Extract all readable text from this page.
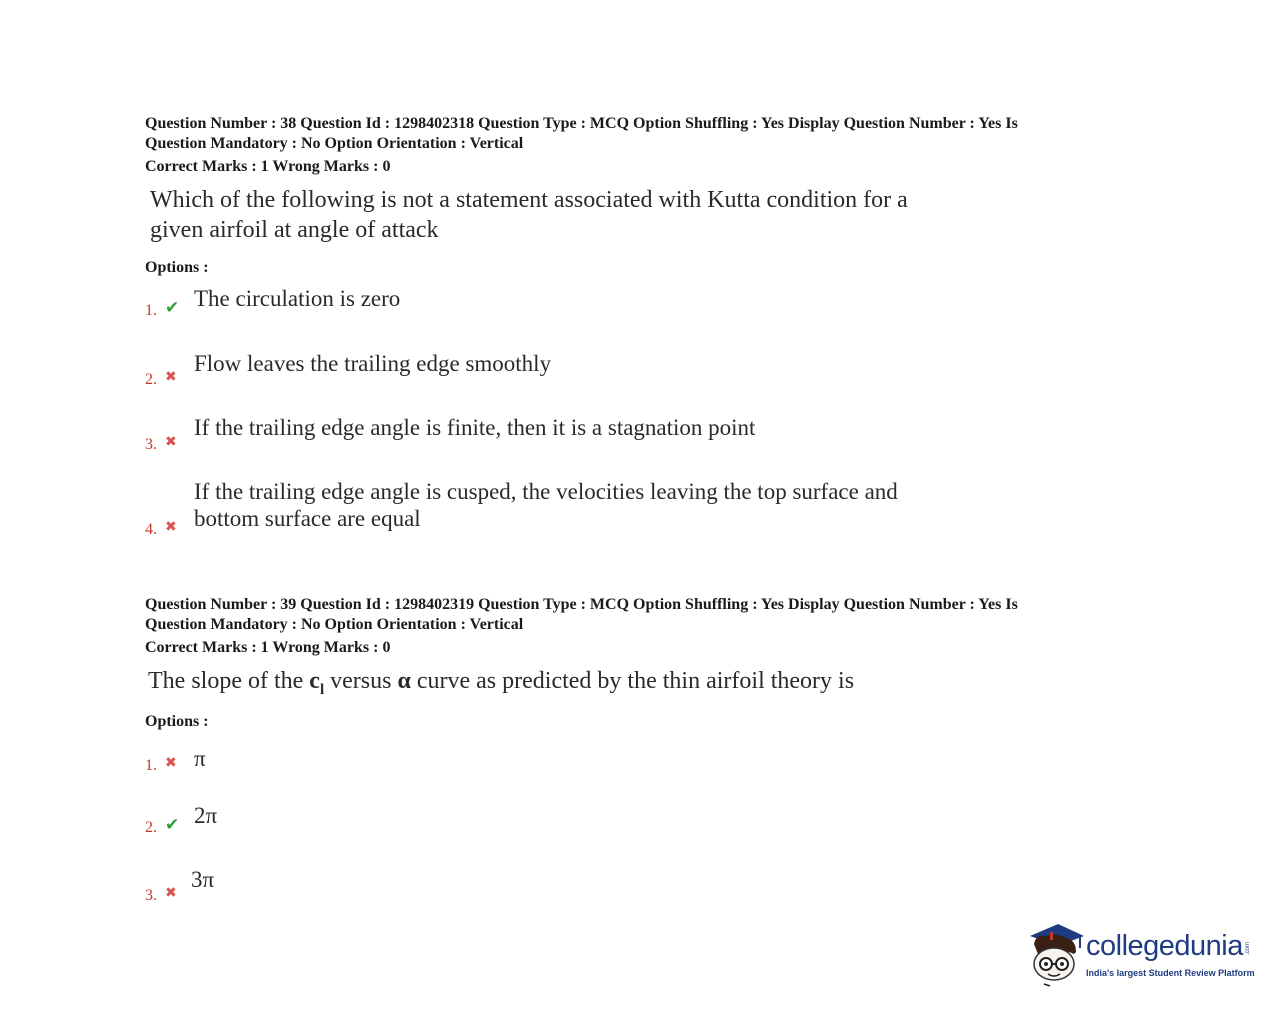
Question Number : 38 Question Id : 1298402318 Question Type : MCQ Option Shuffling : Yes Display Question Number : Yes Is
Question Mandatory : No Option Orientation : Vertical
Correct Marks : 1 Wrong Marks : 0
Which of the following is not a statement associated with Kutta condition for a
given airfoil at angle of attack
Options :
1. ✔ The circulation is zero
2. ✖
Flow leaves the trailing edge smoothly
3. ✖
If the trailing edge angle is finite, then it is a stagnation point
4. ✖
If the trailing edge angle is cusped, the velocities leaving the top surface and
bottom surface are equal
Question Number : 39 Question Id : 1298402319 Question Type : MCQ Option Shuffling : Yes Display Question Number : Yes Is
Question Mandatory : No Option Orientation : Vertical
Correct Marks : 1 Wrong Marks : 0
The slope of the $c_l$ versus α curve as predicted by the thin airfoil theory is
Options :
1. ✖ π
2. ✔ 2π
3. ✖
3π
collegedunia .com
India's largest Student Review Platform
